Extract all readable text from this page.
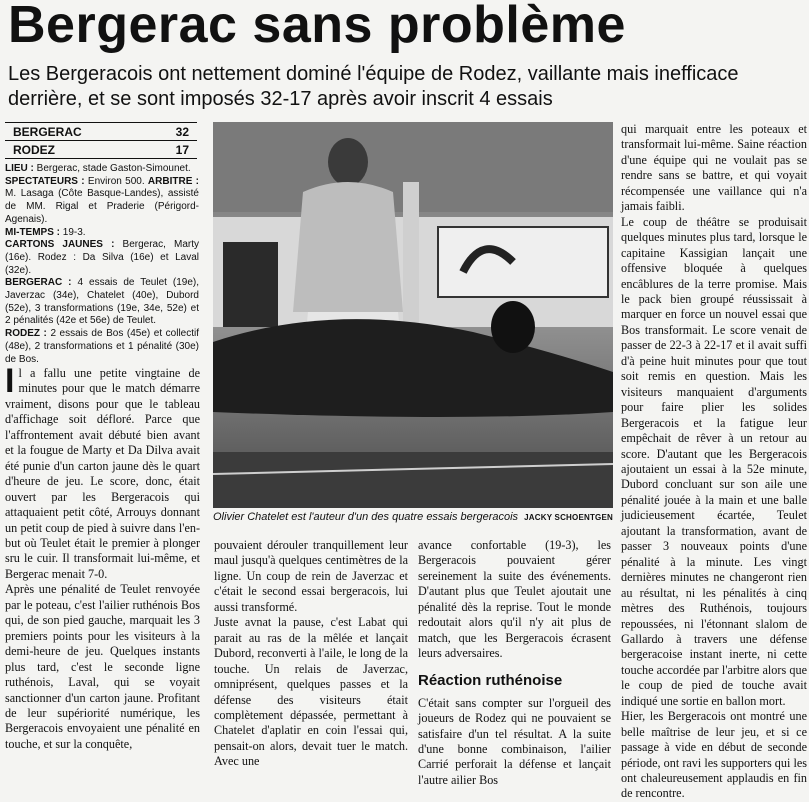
Bergerac sans problème
Les Bergeracois ont nettement dominé l'équipe de Rodez, vaillante mais inefficace derrière, et se sont imposés 32-17 après avoir inscrit 4 essais
BERGERAC	32
RODEZ	17

LIEU : Bergerac, stade Gaston-Simounet.

SPECTATEURS : Environ 500. ARBITRE : M. Lasaga (Côte Basque-Landes), assisté de MM. Rigal et Praderie (Périgord-Agenais).

MI-TEMPS : 19-3.

CARTONS JAUNES : Bergerac, Marty (16e). Rodez : Da Silva (16e) et Laval (32e).

BERGERAC : 4 essais de Teulet (19e), Javerzac (34e), Chatelet (40e), Dubord (52e), 3 transformations (19e, 34e, 52e) et 2 pénalités (42e et 56e) de Teulet.

RODEZ : 2 essais de Bos (45e) et collectif (48e), 2 transformations et 1 pénalité (30e) de Bos.

Olivier Chatelet est l'auteur d'un des quatre essais bergeracois JACKY SCHOENTGEN

Il a fallu une petite vingtaine de minutes pour que le match démarre vraiment, disons pour que le tableau d'affichage soit défloré. Parce que l'affrontement avait débuté bien avant et la fougue de Marty et Da Dilva avait été punie d'un carton jaune dès le quart d'heure de jeu. Le score, donc, était ouvert par les Bergeracois qui attaquaient petit côté, Arrouys donnant un petit coup de pied à suivre dans l'en-but où Teulet était le premier à plonger sru le cuir. Il transformait lui-même, et Bergerac menait 7-0.

Après une pénalité de Teulet renvoyée par le poteau, c'est l'ailier ruthénois Bos qui, de son pied gauche, marquait les 3 premiers points pour les visiteurs à la demi-heure de jeu. Quelques instants plus tard, c'est le seconde ligne ruthénois, Laval, qui se voyait sanctionner d'un carton jaune. Profitant de leur supériorité numérique, les Bergeracois envoyaient une pénalité en touche, et sur la conquête,

pouvaient dérouler tranquillement leur maul jusqu'à quelques centimètres de la ligne. Un coup de rein de Javerzac et c'était le second essai bergeracois, lui aussi transformé.

Juste avnat la pause, c'est Labat qui parait au ras de la mêlée et lançait Dubord, reconverti à l'aile, le long de la touche. Un relais de Javerzac, omniprésent, quelques passes et la défense des visiteurs était complètement dépassée, permettant à Chatelet d'aplatir en coin l'essai qui, pensait-on alors, devait tuer le match. Avec une

avance confortable (19-3), les Bergeracois pouvaient gérer sereinement la suite des événements. D'autant plus que Teulet ajoutait une pénalité dès la reprise. Tout le monde redoutait alors qu'il n'y ait plus de match, que les Bergeracois écrasent leurs adversaires.

Réaction ruthénoise

C'était sans compter sur l'orgueil des joueurs de Rodez qui ne pouvaient se satisfaire d'un tel résultat. A la suite d'une bonne combinaison, l'ailier Carrié perforait la défense et lançait l'autre ailier Bos

qui marquait entre les poteaux et transformait lui-même. Saine réaction d'une équipe qui ne voulait pas se rendre sans se battre, et qui voyait récompensée une vaillance qui n'a jamais faibli.

Le coup de théâtre se produisait quelques minutes plus tard, lorsque le capitaine Kassigian lançait une offensive bloquée à quelques encâblures de la terre promise. Mais le pack bien groupé réussissait à marquer en force un nouvel essai que Bos transformait. Le score venait de passer de 22-3 à 22-17 et il avait suffi d'à peine huit minutes pour que tout soit remis en question. Mais les visiteurs manquaient d'arguments pour faire plier les solides Bergeracois et la fatigue leur empêchait de rêver à un retour au score. D'autant que les Bergeracois ajoutaient un essai à la 52e minute, Dubord concluant sur son aile une pénalité jouée à la main et une balle judicieusement écartée, Teulet ajoutant la transformation, avant de passer 3 nouveaux points d'une pénalité à la minute. Les vingt dernières minutes ne changeront rien au résultat, ni les pénalités à cinq mètres des Ruthénois, toujours repoussées, ni l'étonnant slalom de Gallardo à travers une défense bergeracoise instant inerte, ni cette touche accordée par l'arbitre alors que le coup de pied de touche avait indiqué une sortie en ballon mort.

Hier, les Bergeracois ont montré une belle maîtrise de leur jeu, et si ce passage à vide en début de seconde période, ont ravi les supporters qui les ont chaleureusement applaudis en fin de rencontre.
